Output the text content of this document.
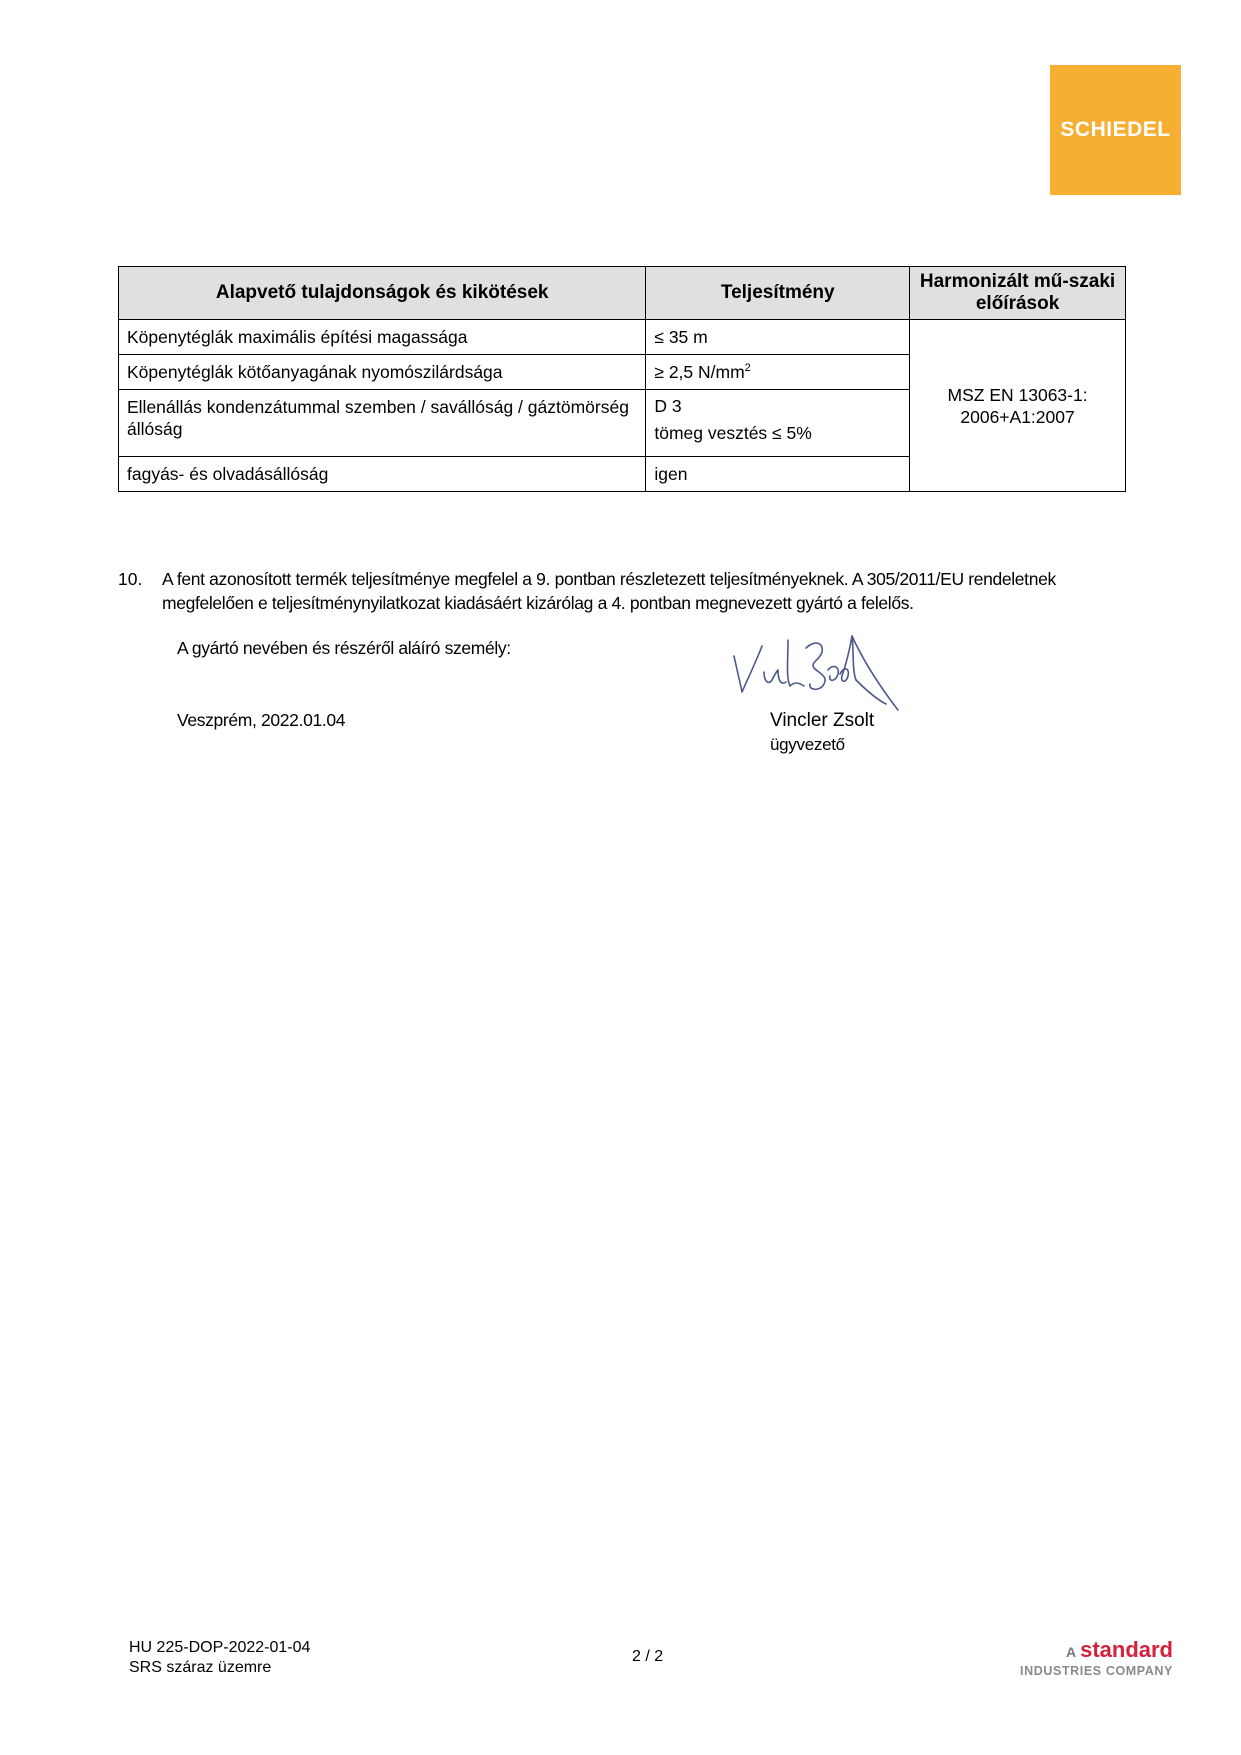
SCHIEDEL
Alapvető tulajdonságok és kikötések	Teljesítmény	Harmonizált mű-szaki előírások
Köpenytéglák maximális építési magassága	≤ 35 m	MSZ EN 13063-1: 2006+A1:2007
Köpenytéglák kötőanyagának nyomószilárdsága	≥ 2,5 $N/mm^2$
Ellenállás kondenzátummal szemben / savállóság / gáztömörség állóság	D 3
tömeg vesztés ≤ 5%	

fagyás- és olvadásállóság	igen	
10. A fent azonosított termék teljesítménye megfelel a 9. pontban részletezett teljesítményeknek. A 305/2011/EU rendeletnek megfelelően e teljesítménynyilatkozat kiadásáért kizárólag a 4. pontban megnevezett gyártó a felelős.
A gyártó nevében és részéről aláíró személy:
Veszprém, 2022.01.04	Vincler Zsolt
ügyvezető
HU 225-DOP-2022-01-04
SRS száraz üzemre
2 / 2	A standard
INDUSTRIES COMPANY
